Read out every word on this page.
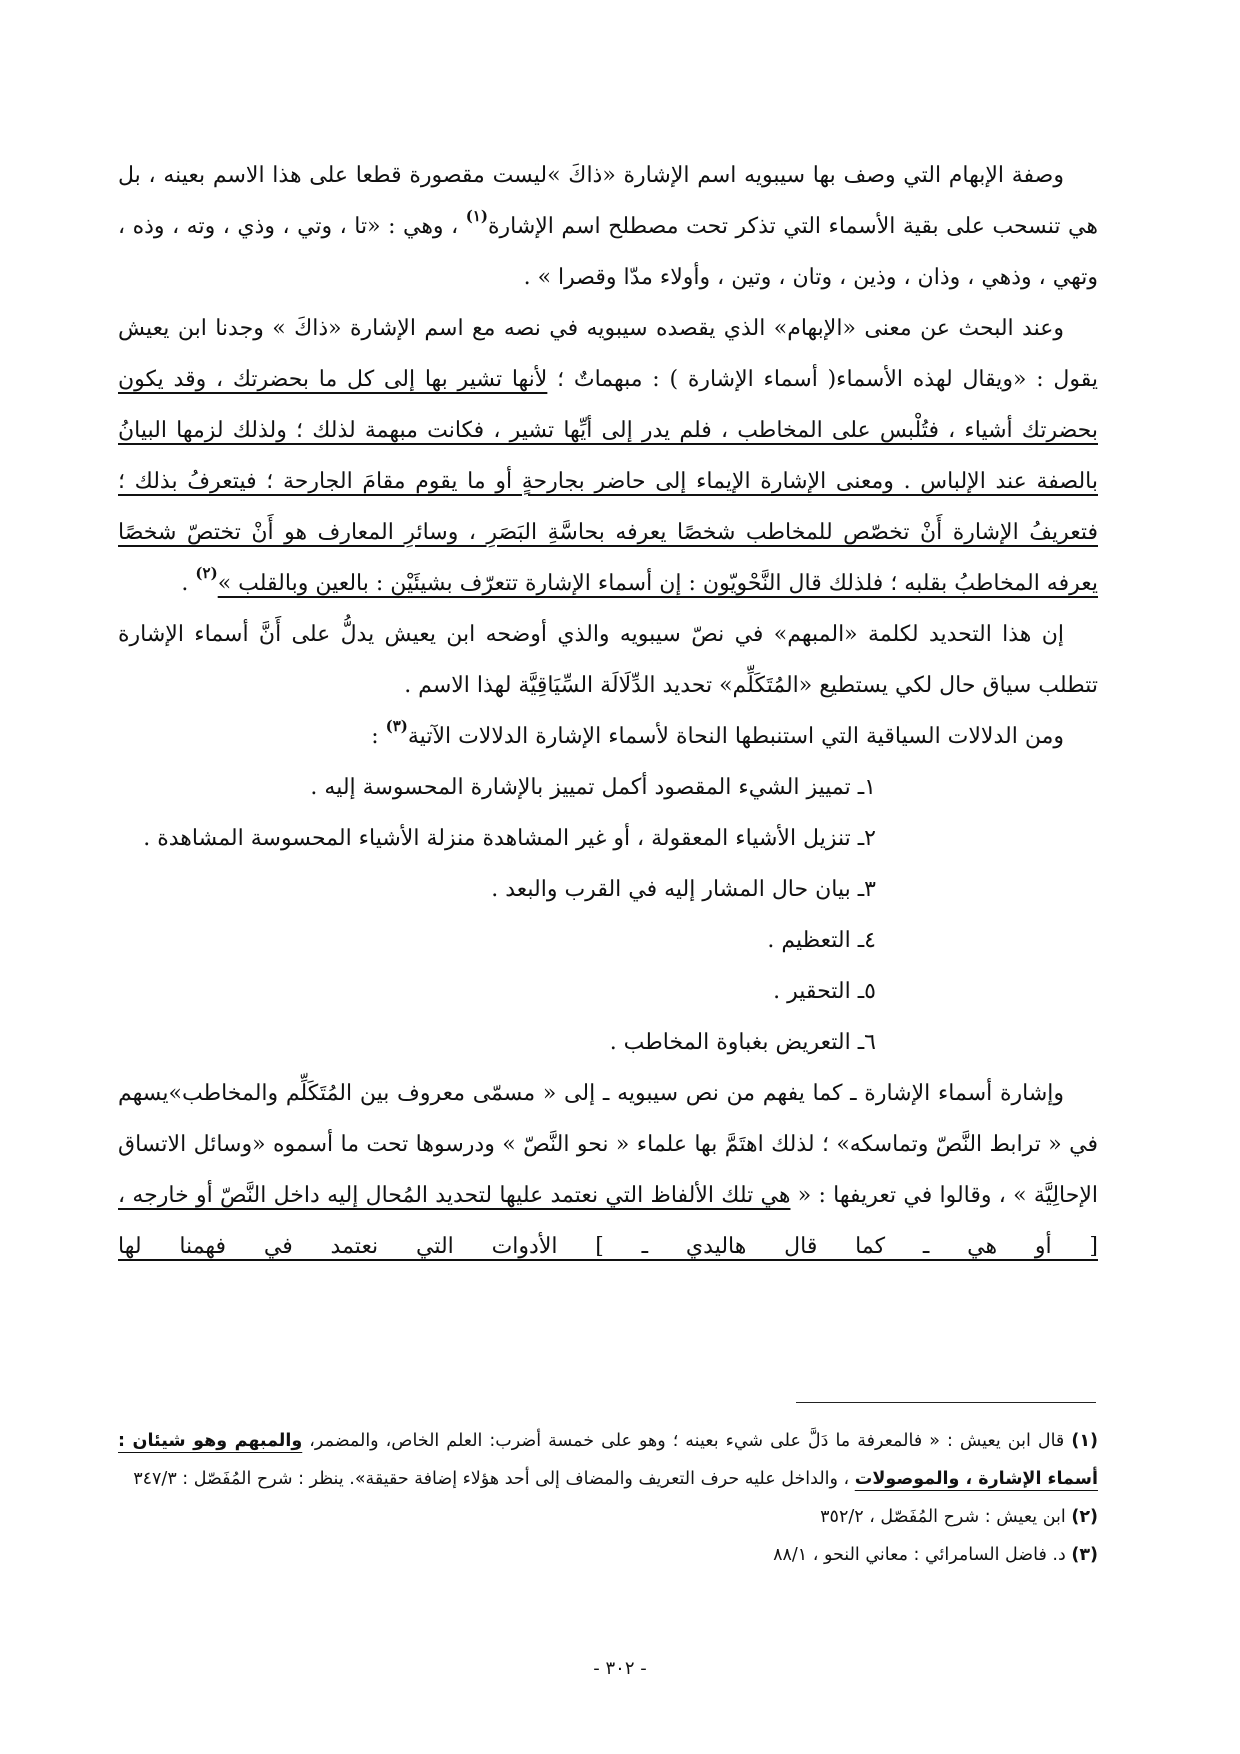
وصفة الإبهام التي وصف بها سيبويه اسم الإشارة «ذاكَ »ليست مقصورة قطعا على هذا الاسم بعينه ، بل هي تنسحب على بقية الأسماء التي تذكر تحت مصطلح اسم الإشارة$^{(١)}$ ، وهي : «تا ، وتي ، وذي ، وته ، وذه ، وتهي ، وذهي ، وذان ، وذين ، وتان ، وتين ، وأولاء مدّا وقصرا » .

وعند البحث عن معنى «الإبهام» الذي يقصده سيبويه في نصه مع اسم الإشارة «ذاكَ » وجدنا ابن يعيش يقول : «ويقال لهذه الأسماء( أسماء الإشارة ) : مبهماتٌ ؛ لأنها تشير بها إلى كل ما بحضرتك ، وقد يكون بحضرتك أشياء ، فتُلْبس على المخاطب ، فلم يدر إلى أيِّها تشير ، فكانت مبهمة لذلك ؛ ولذلك لزمها البيانُ بالصفة عند الإلباس . ومعنى الإشارة الإيماء إلى حاضر بجارحةٍ أو ما يقوم مقامَ الجارحة ؛ فيتعرفُ بذلك ؛ فتعريفُ الإشارة أَنْ تخصّص للمخاطب شخصًا يعرفه بحاسَّةِ البَصَرِ ، وسائرِ المعارف هو أَنْ تختصّ شخصًا يعرفه المخاطبُ بقلبه ؛ فلذلك قال النَّحْويّون : إن أسماء الإشارة تتعرّف بشيئَيْن : بالعين وبالقلب »$^{(٢)}$ .

إن هذا التحديد لكلمة «المبهم» في نصّ سيبويه والذي أوضحه ابن يعيش يدلُّ على أَنَّ أسماء الإشارة تتطلب سياق حال لكي يستطيع «المُتَكَلِّم» تحديد الدِّلَالَة السِّيَاقِيَّة لهذا الاسم .

ومن الدلالات السياقية التي استنبطها النحاة لأسماء الإشارة الدلالات الآتية$^{(٣)}$ :

١ـ تمييز الشيء المقصود أكمل تمييز بالإشارة المحسوسة إليه .
٢ـ تنزيل الأشياء المعقولة ، أو غير المشاهدة منزلة الأشياء المحسوسة المشاهدة .
٣ـ بيان حال المشار إليه في القرب والبعد .
٤ـ التعظيم .
٥ـ التحقير .
٦ـ التعريض بغباوة المخاطب .

وإشارة أسماء الإشارة ـ كما يفهم من نص سيبويه ـ إلى « مسمّى معروف بين المُتَكَلِّم والمخاطب»يسهم في « ترابط النَّصّ وتماسكه» ؛ لذلك اهتَمَّ بها علماء « نحو النَّصّ » ودرسوها تحت ما أسموه «وسائل الاتساق الإحالِيَّة » ، وقالوا في تعريفها : « هي تلك الألفاظ التي نعتمد عليها لتحديد المُحال إليه داخل النَّصّ أو خارجه ، [ أو هي ـ كما قال هاليدي ـ ] الأدوات التي نعتمد في فهمنا لها

(١) قال ابن يعيش : « فالمعرفة ما دَلَّ على شيء بعينه ؛ وهو على خمسة أضرب: العلم الخاص، والمضمر، والمبهم وهو شيئان : أسماء الإشارة ، والموصولات ، والداخل عليه حرف التعريف والمضاف إلى أحد هؤلاء إضافة حقيقة». ينظر : شرح المُفَصّل : ٣٤٧/٣

(٢) ابن يعيش : شرح المُفَصّل ، ٣٥٢/٢

(٣) د. فاضل السامرائي : معاني النحو ، ٨٨/١

- ٣٠٢ -
